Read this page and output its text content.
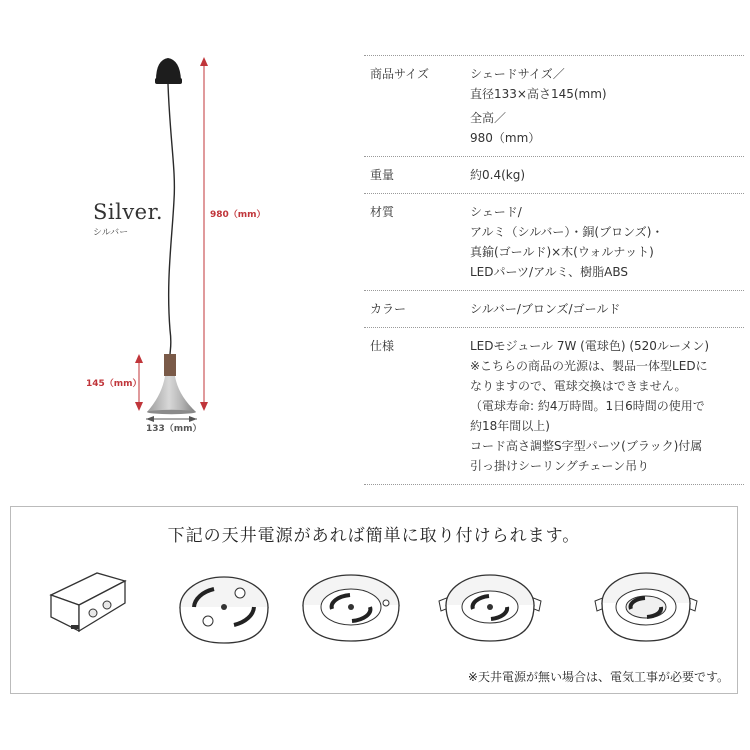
980（mm）
145（mm）
133（mm）
Silver.
シルバー
商品サイズ	シェードサイズ／
直径133×高さ145(mm)
全高／
980（mm）
重量	約0.4(kg)
材質	シェード/
アルミ（シルバー）・銅(ブロンズ)・
真鍮(ゴールド)×木(ウォルナット)
LEDパーツ/アルミ、樹脂ABS
カラー	シルバー/ブロンズ/ゴールド
仕様	LEDモジュール 7W (電球色) (520ルーメン)
※こちらの商品の光源は、製品一体型LEDに
なりますので、電球交換はできません。
（電球寿命: 約4万時間。1日6時間の使用で
約18年間以上)
コード高さ調整S字型パーツ(ブラック)付属
引っ掛けシーリングチェーン吊り
下記の天井電源があれば簡単に取り付けられます。
※天井電源が無い場合は、電気工事が必要です。
